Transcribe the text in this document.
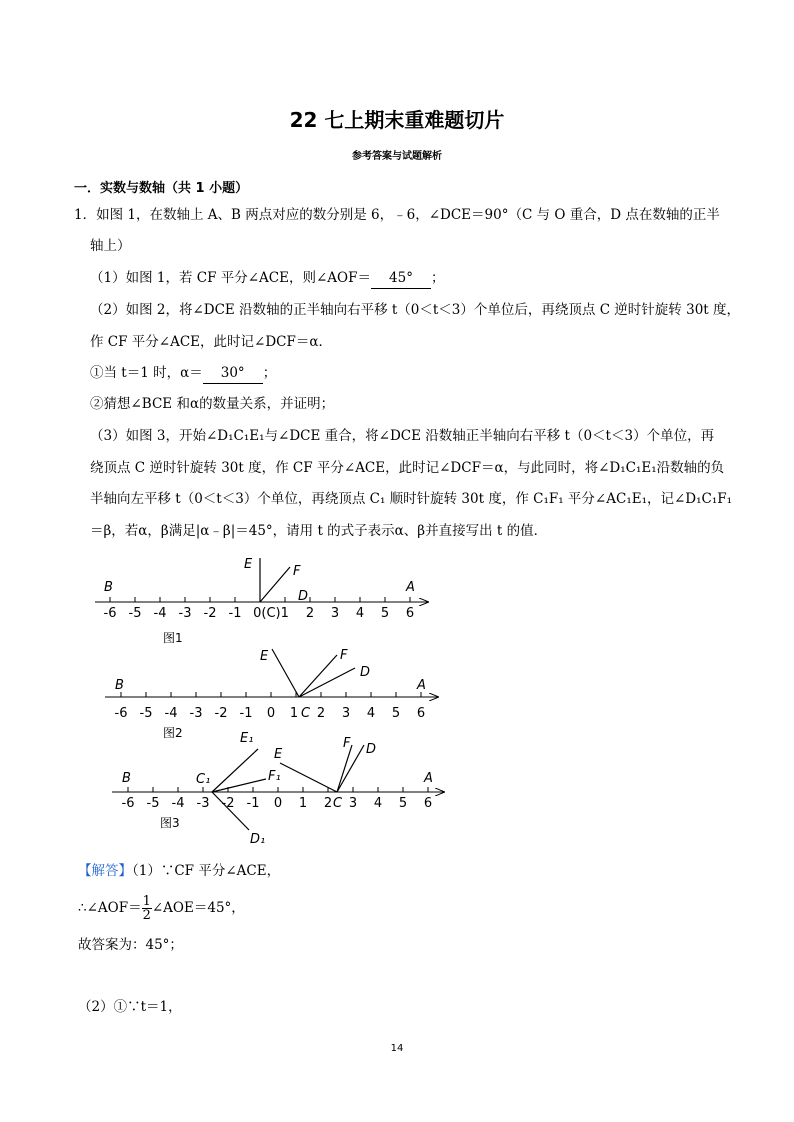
22 七上期末重难题切片
参考答案与试题解析
一．实数与数轴（共 1 小题）
1．如图 1，在数轴上 A、B 两点对应的数分别是 6，﹣6，∠DCE＝90°（C 与 O 重合，D 点在数轴的正半
轴上）
（1）如图 1，若 CF 平分∠ACE，则∠AOF＝ 45° ；
（2）如图 2，将∠DCE 沿数轴的正半轴向右平移 t（0＜t＜3）个单位后，再绕顶点 C 逆时针旋转 30t 度，
作 CF 平分∠ACE，此时记∠DCF＝α．
①当 t＝1 时，α＝ 30° ；
②猜想∠BCE 和α的数量关系，并证明；
（3）如图 3，开始∠D₁C₁E₁与∠DCE 重合，将∠DCE 沿数轴正半轴向右平移 t（0＜t＜3）个单位，再
绕顶点 C 逆时针旋转 30t 度，作 CF 平分∠ACE，此时记∠DCF＝α，与此同时，将∠D₁C₁E₁沿数轴的负
半轴向左平移 t（0＜t＜3）个单位，再绕顶点 C₁ 顺时针旋转 30t 度，作 C₁F₁ 平分∠AC₁E₁，记∠D₁C₁F₁
＝β，若α，β满足|α﹣β|＝45°，请用 t 的式子表示α、β并直接写出 t 的值．
-6 -5 -4 -3 -2 -1 0(C)1 2 3 4 5 6
B	A
E	F
D
图1
-6 -5 -4 -3 -2 -1 0 1 2 3 4 5 6
B	A
E	F
D
C
图2
-6 -5 -4 -3 -2 -1 0 1 2 3 4 5 6
B	A
C₁
E₁
F₁
D₁
E
F D
C
图3
【解答】（1）∵CF 平分∠ACE，
∴∠AOF＝ $\frac{1}{2}$ ∠AOE＝45°，
故答案为：45°；
（2）①∵t＝1，
14
